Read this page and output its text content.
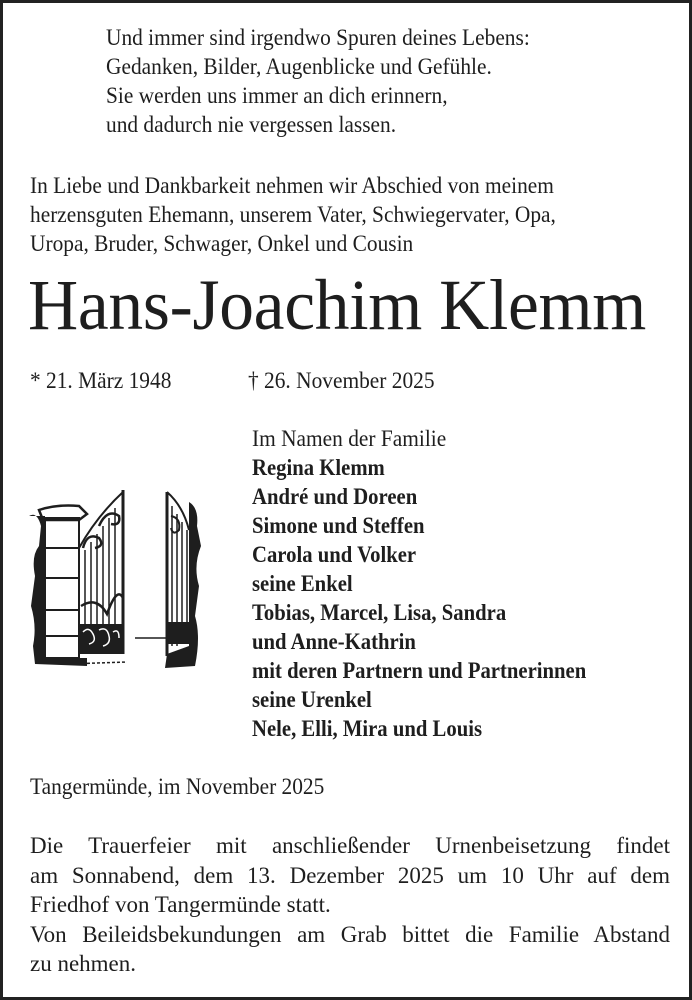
Und immer sind irgendwo Spuren deines Lebens:
Gedanken, Bilder, Augenblicke und Gefühle.
Sie werden uns immer an dich erinnern,
und dadurch nie vergessen lassen.
In Liebe und Dankbarkeit nehmen wir Abschied von meinem
herzensguten Ehemann, unserem Vater, Schwiegervater, Opa,
Uropa, Bruder, Schwager, Onkel und Cousin
Hans-Joachim Klemm
* 21. März 1948	† 26. November 2025
Im Namen der Familie
Regina Klemm
André und Doreen
Simone und Steffen
Carola und Volker
seine Enkel
Tobias, Marcel, Lisa, Sandra
und Anne-Kathrin
mit deren Partnern und Partnerinnen
seine Urenkel
Nele, Elli, Mira und Louis
Tangermünde, im November 2025
Die Trauerfeier mit anschließender Urnenbeisetzung findet
am Sonnabend, dem 13. Dezember 2025 um 10 Uhr auf dem
Friedhof von Tangermünde statt.
Von Beileidsbekundungen am Grab bittet die Familie Abstand
zu nehmen.
